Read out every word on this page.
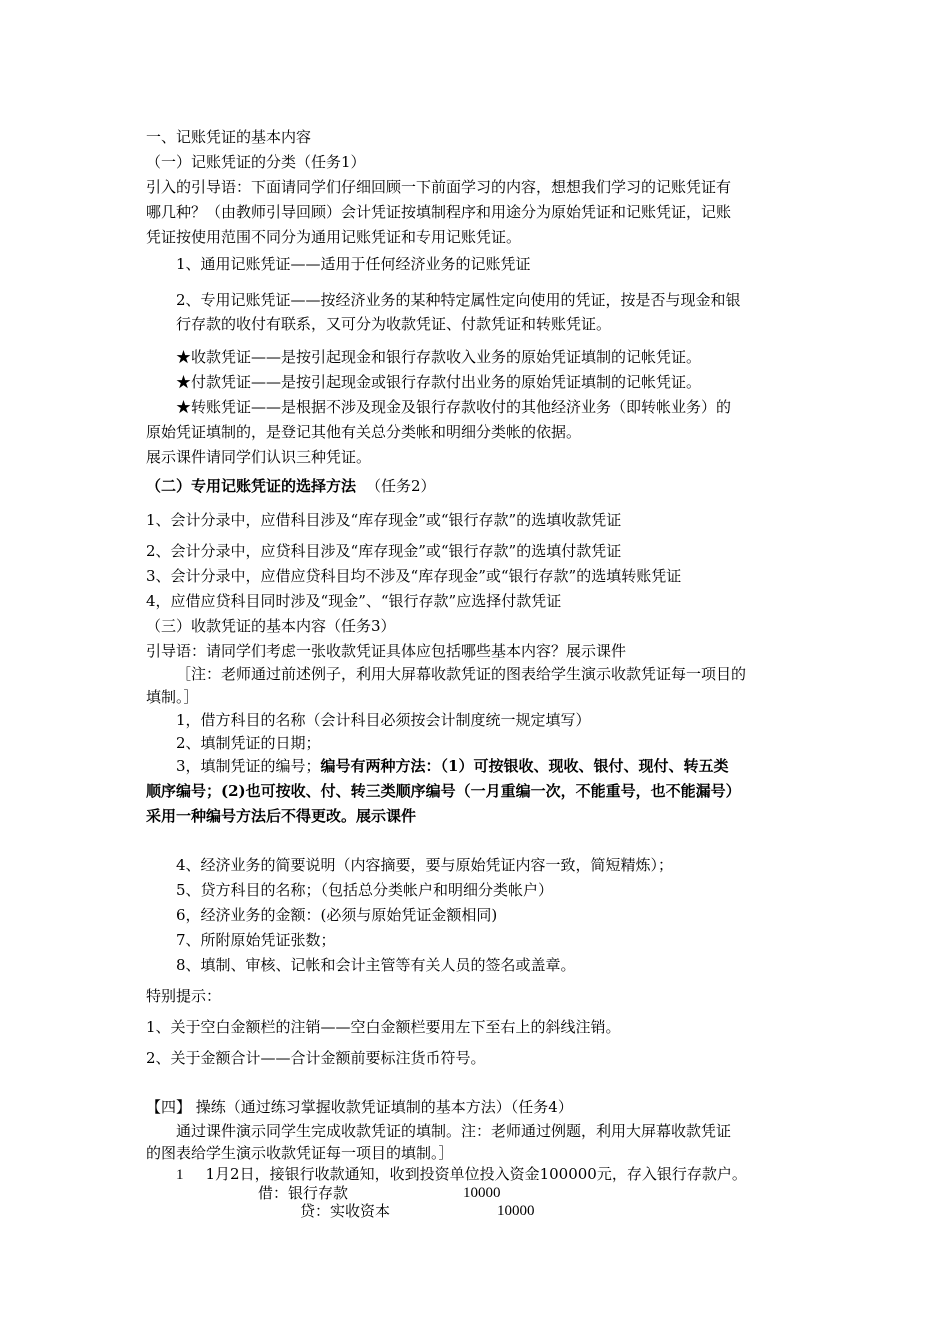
一、记账凭证的基本内容
（一）记账凭证的分类（任务1）
引入的引导语：下面请同学们仔细回顾一下前面学习的内容，想想我们学习的记账凭证有
哪几种？（由教师引导回顾）会计凭证按填制程序和用途分为原始凭证和记账凭证，记账
凭证按使用范围不同分为通用记账凭证和专用记账凭证。
1、通用记账凭证——适用于任何经济业务的记账凭证
2、专用记账凭证——按经济业务的某种特定属性定向使用的凭证，按是否与现金和银
行存款的收付有联系，又可分为收款凭证、付款凭证和转账凭证。
★收款凭证——是按引起现金和银行存款收入业务的原始凭证填制的记帐凭证。
★付款凭证——是按引起现金或银行存款付出业务的原始凭证填制的记帐凭证。
★转账凭证——是根据不涉及现金及银行存款收付的其他经济业务（即转帐业务）的
原始凭证填制的，是登记其他有关总分类帐和明细分类帐的依据。
展示课件请同学们认识三种凭证。
（二）专用记账凭证的选择方法 （任务2）
1、会计分录中，应借科目涉及“库存现金”或“银行存款”的选填收款凭证
2、会计分录中，应贷科目涉及“库存现金”或“银行存款”的选填付款凭证
3、会计分录中，应借应贷科目均不涉及“库存现金”或“银行存款”的选填转账凭证
4，应借应贷科目同时涉及“现金”、“银行存款”应选择付款凭证
（三）收款凭证的基本内容（任务3）
引导语：请同学们考虑一张收款凭证具体应包括哪些基本内容？展示课件
［注：老师通过前述例子，利用大屏幕收款凭证的图表给学生演示收款凭证每一项目的
填制。］
1，借方科目的名称（会计科目必须按会计制度统一规定填写）
2、填制凭证的日期；
3，填制凭证的编号；编号有两种方法：（1）可按银收、现收、银付、现付、转五类
顺序编号；(2)也可按收、付、转三类顺序编号（一月重编一次，不能重号，也不能漏号）
采用一种编号方法后不得更改。展示课件
4、经济业务的简要说明（内容摘要，要与原始凭证内容一致，简短精炼）；
5、贷方科目的名称；（包括总分类帐户和明细分类帐户）
6，经济业务的金额：(必须与原始凭证金额相同)
7、所附原始凭证张数；
8、填制、审核、记帐和会计主管等有关人员的签名或盖章。
特别提示：
1、关于空白金额栏的注销——空白金额栏要用左下至右上的斜线注销。
2、关于金额合计——合计金额前要标注货币符号。
【四】 操练（通过练习掌握收款凭证填制的基本方法）（任务4）
通过课件演示同学生完成收款凭证的填制。注：老师通过例题，利用大屏幕收款凭证
的图表给学生演示收款凭证每一项目的填制。］
1 1月2日，接银行收款通知，收到投资单位投入资金100000元，存入银行存款户。
借：银行存款	10000
贷：实收资本	10000
